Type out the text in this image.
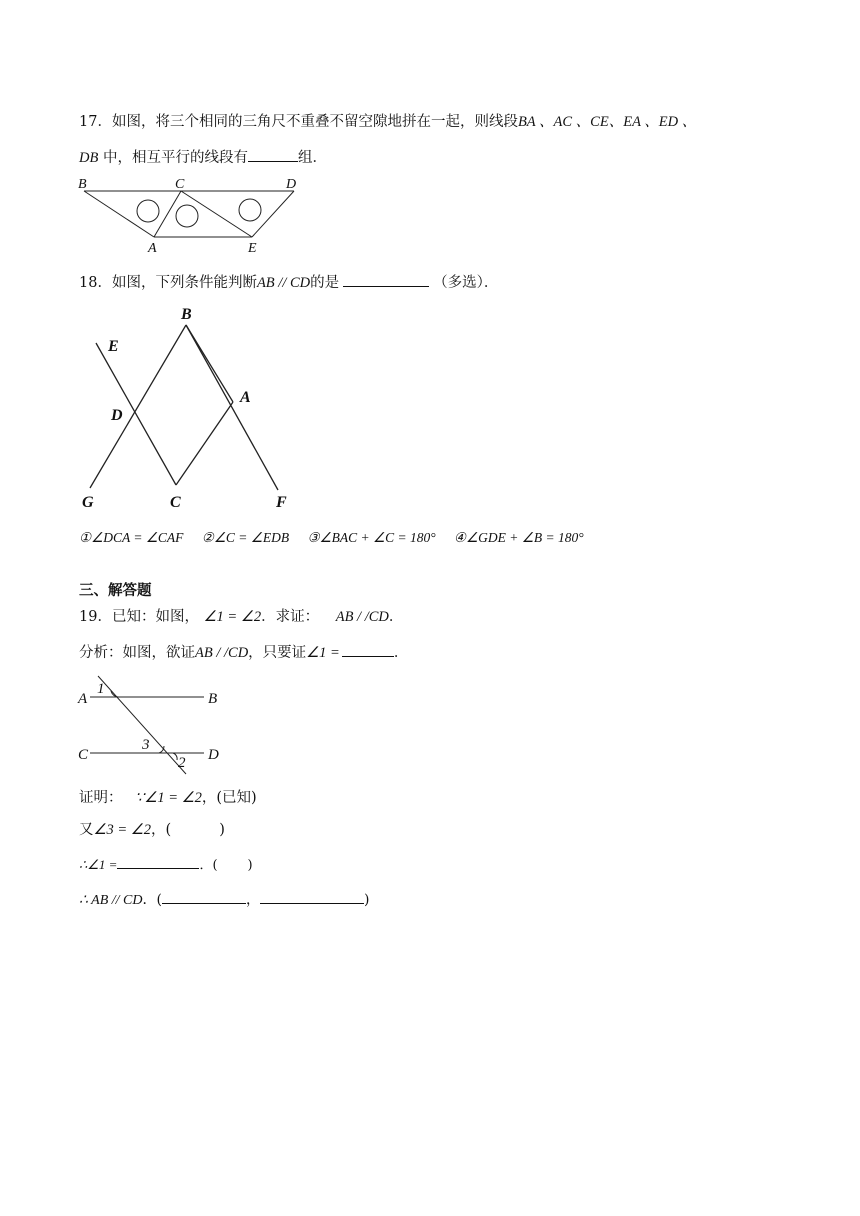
17．如图，将三个相同的三角尺不重叠不留空隙地拼在一起，则线段BA 、AC 、CE、EA 、ED 、
DB 中，相互平行的线段有	组．
B	C	D
A	E
18．如图，下列条件能判断AB // CD的是	（多选）．
E
B
D
A
G	C	F
①∠DCA = ∠CAF ②∠C = ∠EDB ③∠BAC + ∠C = 180° ④∠GDE + ∠B = 180°
三、解答题
19．已知：如图， ∠1 = ∠2．求证： AB / /CD．
分析：如图，欲证AB / /CD，只要证∠1 =	．
A	B
C	D
1
3
2
证明： ∵∠1 = ∠2，(已知)
又∠3 = ∠2，(	)
∴∠1 =	．( )
∴ AB // CD．(	，	)
